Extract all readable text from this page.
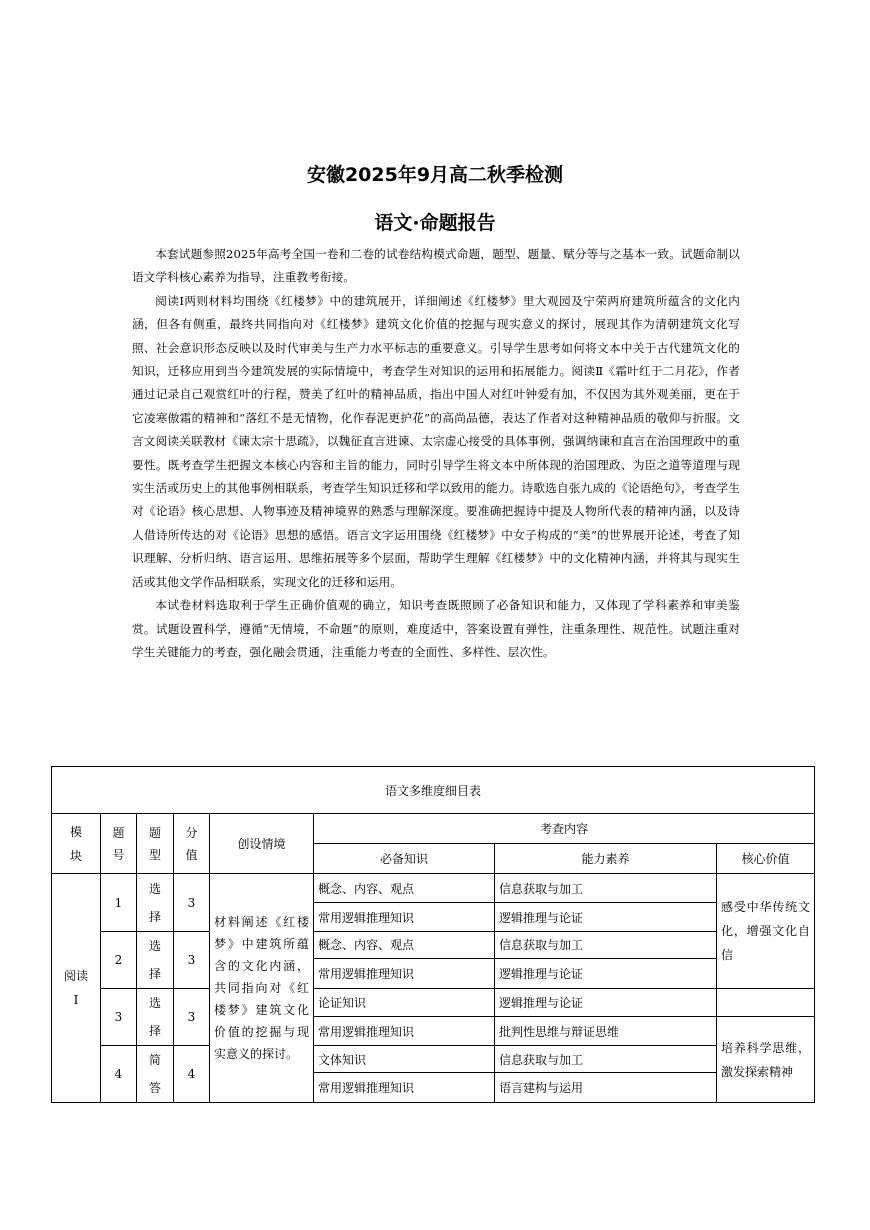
安徽2025年9月高二秋季检测
语文·命题报告

本套试题参照2025年高考全国一卷和二卷的试卷结构模式命题，题型、题量、赋分等与之基本一致。试题命制以语文学科核心素养为指导，注重教考衔接。

阅读Ⅰ两则材料均围绕《红楼梦》中的建筑展开，详细阐述《红楼梦》里大观园及宁荣两府建筑所蕴含的文化内涵，但各有侧重，最终共同指向对《红楼梦》建筑文化价值的挖掘与现实意义的探讨，展现其作为清朝建筑文化写照、社会意识形态反映以及时代审美与生产力水平标志的重要意义。引导学生思考如何将文本中关于古代建筑文化的知识，迁移应用到当今建筑发展的实际情境中，考查学生对知识的运用和拓展能力。阅读Ⅱ《霜叶红于二月花》，作者通过记录自己观赏红叶的行程，赞美了红叶的精神品质，指出中国人对红叶钟爱有加，不仅因为其外观美丽，更在于它凌寒傲霜的精神和“落红不是无情物，化作春泥更护花”的高尚品德，表达了作者对这种精神品质的敬仰与折服。文言文阅读关联教材《谏太宗十思疏》，以魏征直言进谏、太宗虚心接受的具体事例，强调纳谏和直言在治国理政中的重要性。既考查学生把握文本核心内容和主旨的能力，同时引导学生将文本中所体现的治国理政、为臣之道等道理与现实生活或历史上的其他事例相联系，考查学生知识迁移和学以致用的能力。诗歌选自张九成的《论语绝句》，考查学生对《论语》核心思想、人物事迹及精神境界的熟悉与理解深度。要准确把握诗中提及人物所代表的精神内涵，以及诗人借诗所传达的对《论语》思想的感悟。语言文字运用围绕《红楼梦》中女子构成的“美”的世界展开论述，考查了知识理解、分析归纳、语言运用、思维拓展等多个层面，帮助学生理解《红楼梦》中的文化精神内涵，并将其与现实生活或其他文学作品相联系，实现文化的迁移和运用。

本试卷材料选取利于学生正确价值观的确立，知识考查既照顾了必备知识和能力，又体现了学科素养和审美鉴赏。试题设置科学，遵循“无情境，不命题”的原则，难度适中，答案设置有弹性，注重条理性、规范性。试题注重对学生关键能力的考查，强化融会贯通，注重能力考查的全面性、多样性、层次性。

语文多维度细目表							

模块	题号	题型	分值	创设情境	考查内容		
					必备知识	能力素养	核心价值

阅读Ⅰ	1	选择	3	材料阐述《红楼梦》中建筑所蕴含的文化内涵，共同指向对《红楼梦》建筑文化价值的挖掘与现实意义的探讨。	概念、内容、观点	信息获取与加工	感受中华传统文化，增强文化自信
					常用逻辑推理知识	逻辑推理与论证	
	2	选择	3		概念、内容、观点	信息获取与加工	
					常用逻辑推理知识	逻辑推理与论证	
	3	选择	3		论证知识	逻辑推理与论证	
					常用逻辑推理知识	批判性思维与辩证思维	培养科学思维，激发探索精神
	4	简答	4		文体知识	信息获取与加工	
					常用逻辑推理知识	语言建构与运用	
